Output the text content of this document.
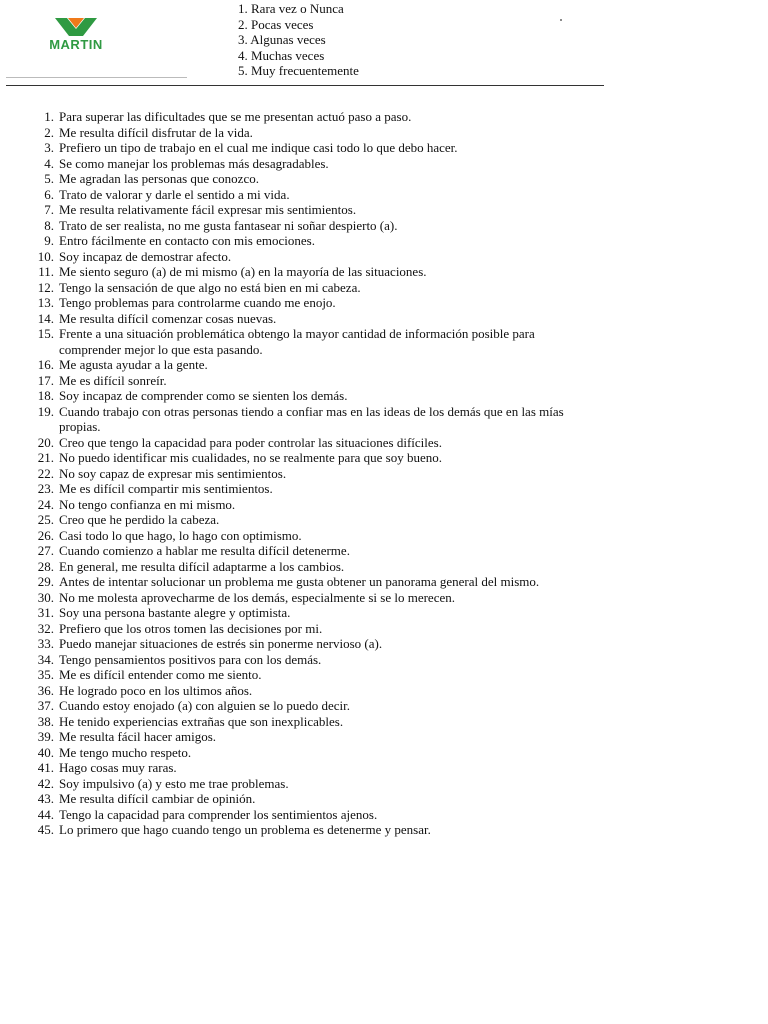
MARTIN
1. Rara vez o Nunca
2. Pocas veces
3. Algunas veces
4. Muchas veces
5. Muy frecuentemente
1. Para superar las dificultades que se me presentan actuó paso a paso.
2. Me resulta difícil disfrutar de la vida.
3. Prefiero un tipo de trabajo en el cual me indique casi todo lo que debo hacer.
4. Se como manejar los problemas más desagradables.
5. Me agradan las personas que conozco.
6. Trato de valorar y darle el sentido a mi vida.
7. Me resulta relativamente fácil expresar mis sentimientos.
8. Trato de ser realista, no me gusta fantasear ni soñar despierto (a).
9. Entro fácilmente en contacto con mis emociones.
10. Soy incapaz de demostrar afecto.
11. Me siento seguro (a) de mi mismo (a) en la mayoría de las situaciones.
12. Tengo la sensación de que algo no está bien en mi cabeza.
13. Tengo problemas para controlarme cuando me enojo.
14. Me resulta difícil comenzar cosas nuevas.
15. Frente a una situación problemática obtengo la mayor cantidad de información posible para comprender mejor lo que esta pasando.
16. Me agusta ayudar a la gente.
17. Me es difícil sonreír.
18. Soy incapaz de comprender como se sienten los demás.
19. Cuando trabajo con otras personas tiendo a confiar mas en las ideas de los demás que en las mías propias.
20. Creo que tengo la capacidad para poder controlar las situaciones difíciles.
21. No puedo identificar mis cualidades, no se realmente para que soy bueno.
22. No soy capaz de expresar mis sentimientos.
23. Me es difícil compartir mis sentimientos.
24. No tengo confianza en mi mismo.
25. Creo que he perdido la cabeza.
26. Casi todo lo que hago, lo hago con optimismo.
27. Cuando comienzo a hablar me resulta difícil detenerme.
28. En general, me resulta difícil adaptarme a los cambios.
29. Antes de intentar solucionar un problema me gusta obtener un panorama general del mismo.
30. No me molesta aprovecharme de los demás, especialmente si se lo merecen.
31. Soy una persona bastante alegre y optimista.
32. Prefiero que los otros tomen las decisiones por mi.
33. Puedo manejar situaciones de estrés sin ponerme nervioso (a).
34. Tengo pensamientos positivos para con los demás.
35. Me es difícil entender como me siento.
36. He logrado poco en los ultimos años.
37. Cuando estoy enojado (a) con alguien se lo puedo decir.
38. He tenido experiencias extrañas que son inexplicables.
39. Me resulta fácil hacer amigos.
40. Me tengo mucho respeto.
41. Hago cosas muy raras.
42. Soy impulsivo (a) y esto me trae problemas.
43. Me resulta difícil cambiar de opinión.
44. Tengo la capacidad para comprender los sentimientos ajenos.
45. Lo primero que hago cuando tengo un problema es detenerme y pensar.
